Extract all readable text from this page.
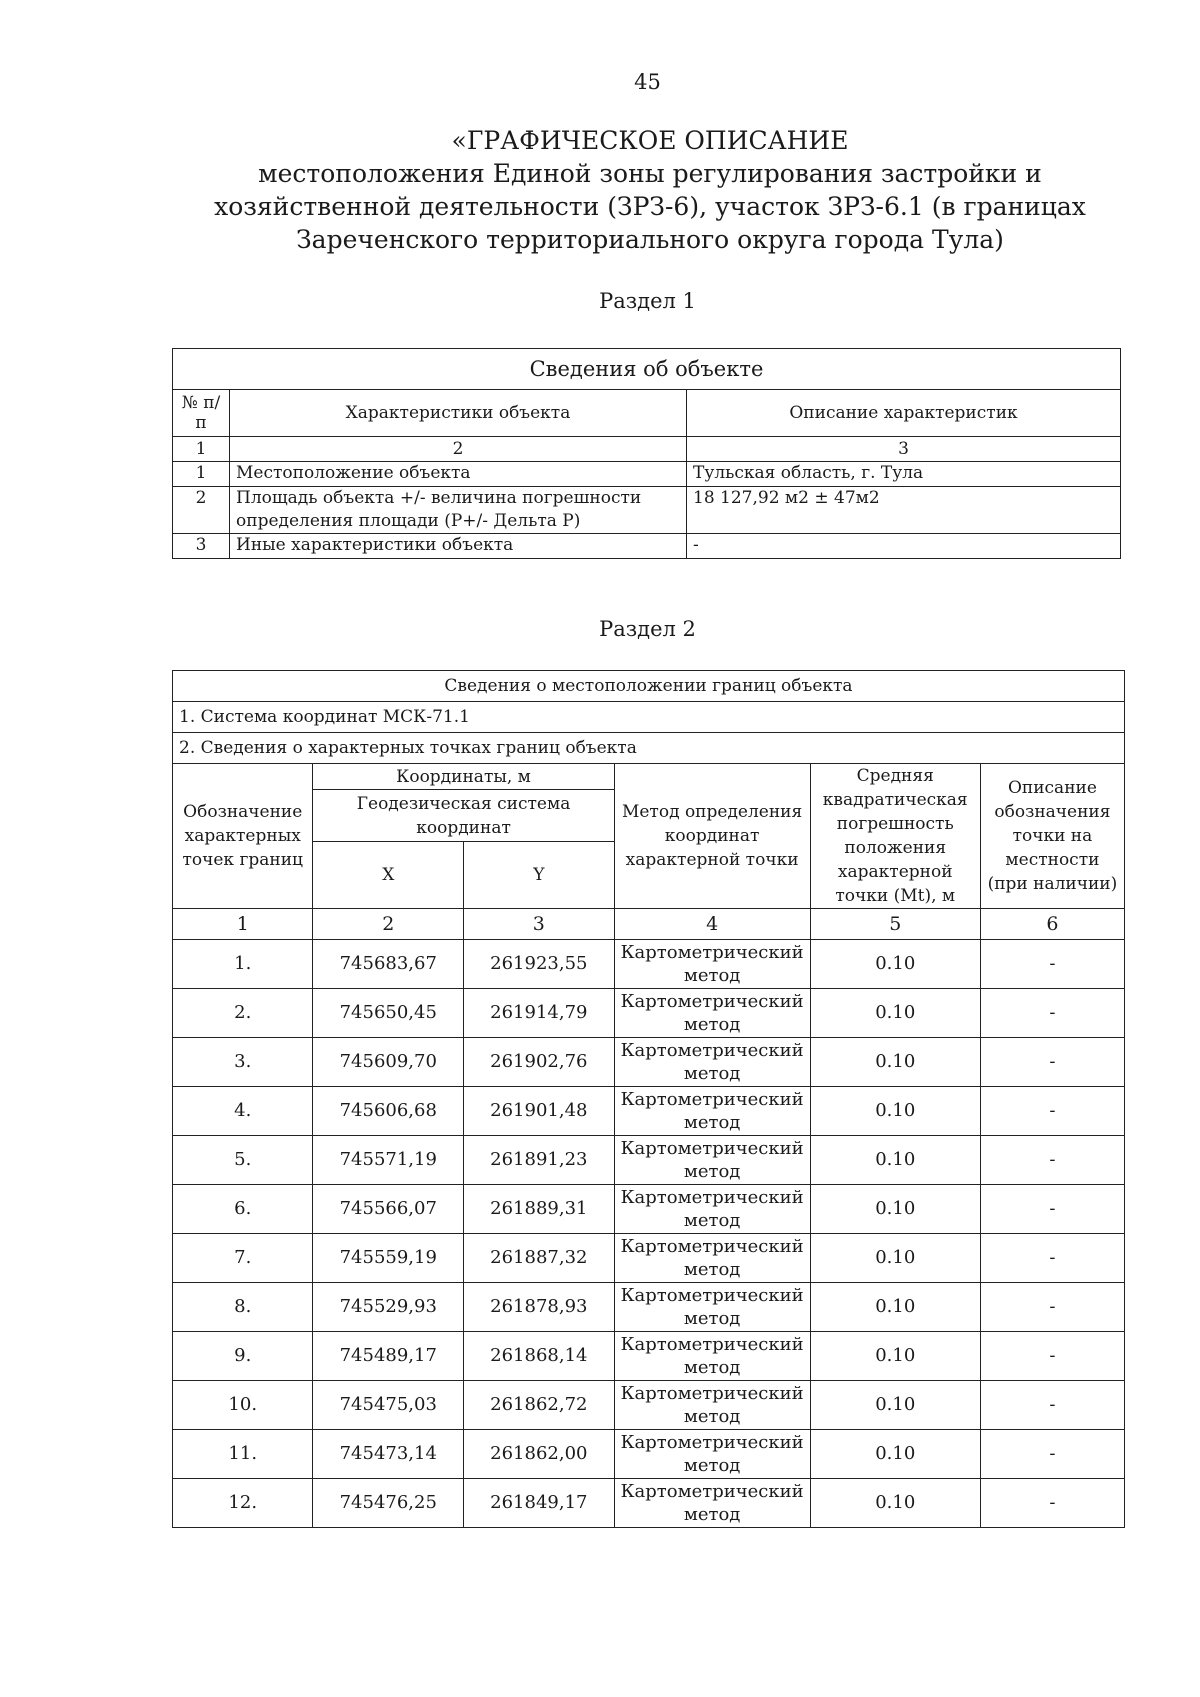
45
«ГРАФИЧЕСКОЕ ОПИСАНИЕ
местоположения Единой зоны регулирования застройки и хозяйственной деятельности (ЗРЗ-6), участок ЗРЗ-6.1 (в границах Зареченского территориального округа города Тула)
Раздел 1
Сведения об объекте		
№ п/п	Характеристики объекта	Описание характеристик
1	2	3
1	Местоположение объекта	Тульская область, г. Тула
2	Площадь объекта +/- величина погрешности определения площади (Р+/- Дельта Р)	18 127,92 м2 ± 47м2
3	Иные характеристики объекта	-
Раздел 2
Сведения о местоположении границ объекта					
1. Система координат МСК-71.1					
2. Сведения о характерных точках границ объекта					
Обозначение характерных точек границ	Координаты, м		Метод определения координат характерной точки	Средняя квадратическая погрешность положения характерной точки (Mt), м	Описание обозначения точки на местности (при наличии)
	Геодезическая система координат				
	X	Y			
1	2	3	4	5	6
1.	745683,67	261923,55	Картометрический метод	0.10	-
2.	745650,45	261914,79	Картометрический метод	0.10	-
3.	745609,70	261902,76	Картометрический метод	0.10	-
4.	745606,68	261901,48	Картометрический метод	0.10	-
5.	745571,19	261891,23	Картометрический метод	0.10	-
6.	745566,07	261889,31	Картометрический метод	0.10	-
7.	745559,19	261887,32	Картометрический метод	0.10	-
8.	745529,93	261878,93	Картометрический метод	0.10	-
9.	745489,17	261868,14	Картометрический метод	0.10	-
10.	745475,03	261862,72	Картометрический метод	0.10	-
11.	745473,14	261862,00	Картометрический метод	0.10	-
12.	745476,25	261849,17	Картометрический метод	0.10	-
